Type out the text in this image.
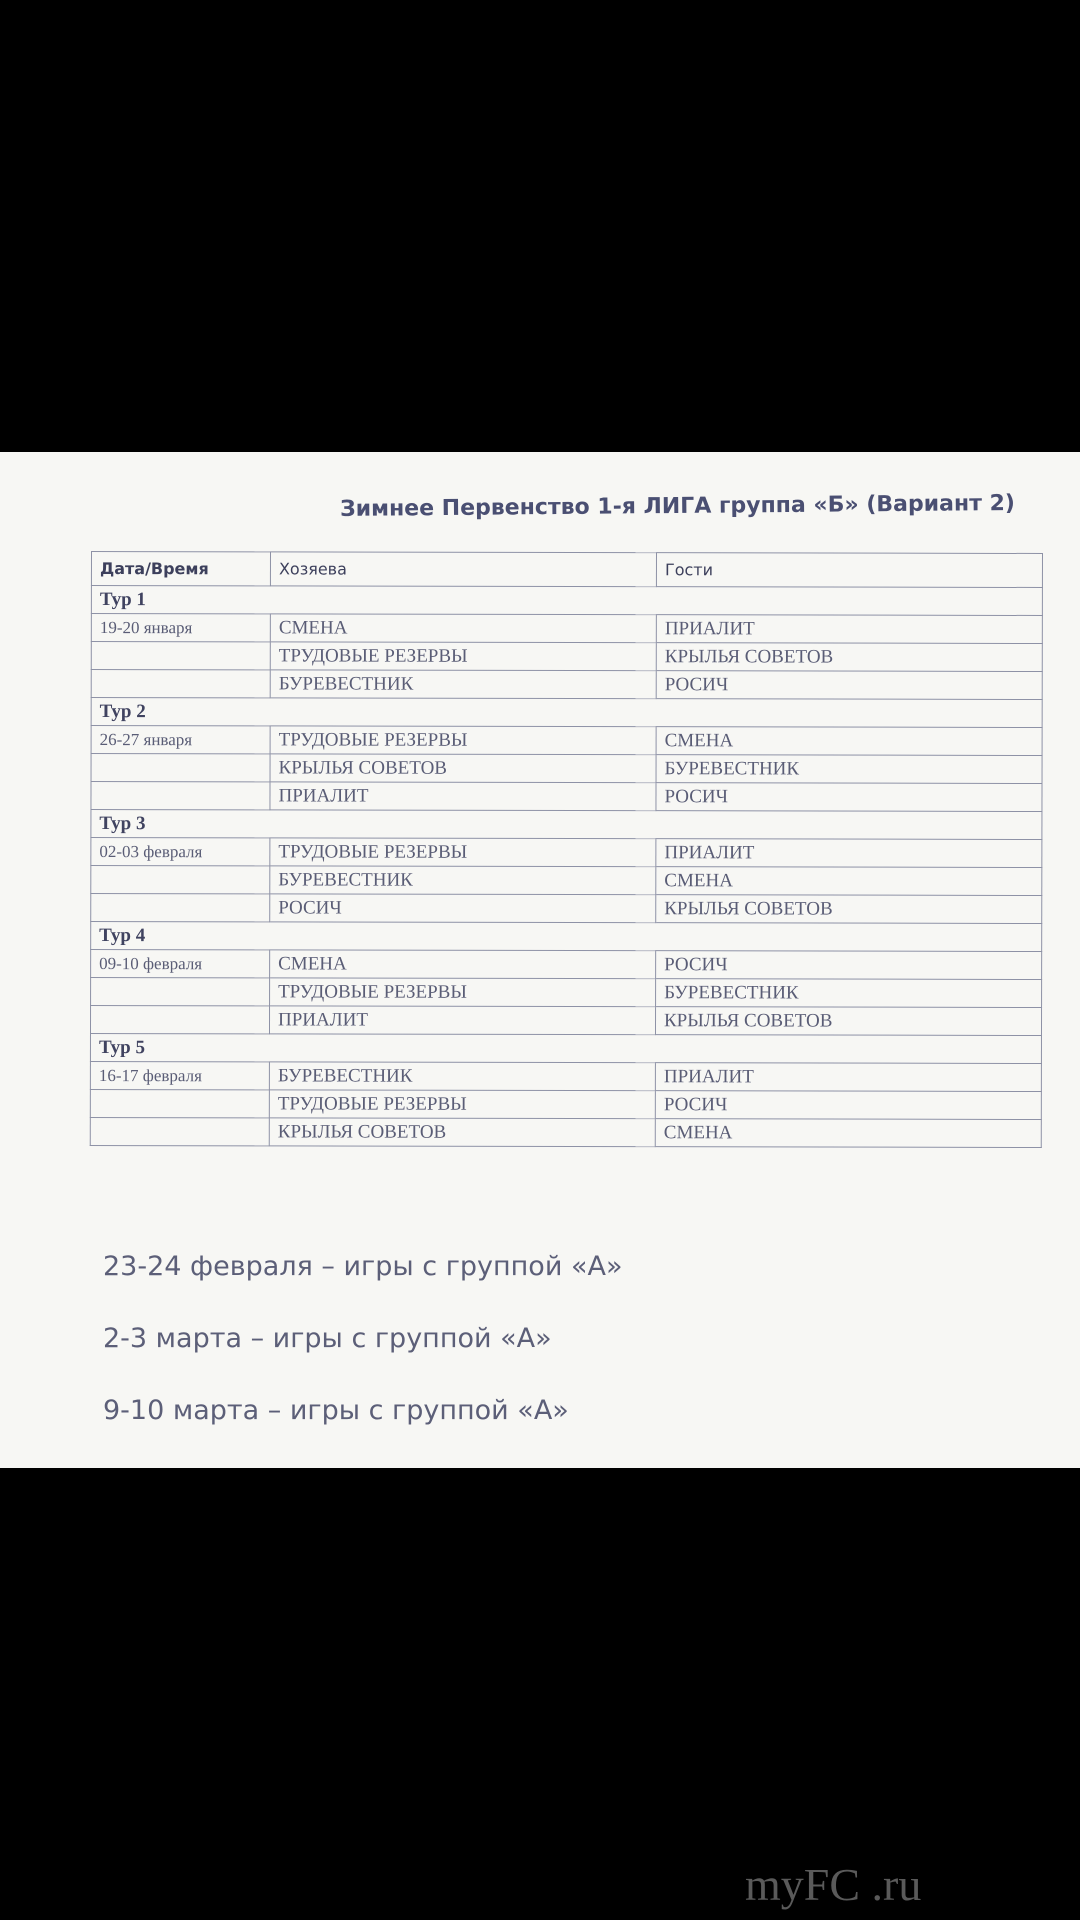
Зимнее Первенство 1-я ЛИГА группа «Б» (Вариант 2)
Дата/Время	Хозяева	Гости
Тур 1		
19-20 января	СМЕНА	ПРИАЛИТ
	ТРУДОВЫЕ РЕЗЕРВЫ	КРЫЛЬЯ СОВЕТОВ
	БУРЕВЕСТНИК	РОСИЧ
Тур 2		
26-27 января	ТРУДОВЫЕ РЕЗЕРВЫ	СМЕНА
	КРЫЛЬЯ СОВЕТОВ	БУРЕВЕСТНИК
	ПРИАЛИТ	РОСИЧ
Тур 3		
02-03 февраля	ТРУДОВЫЕ РЕЗЕРВЫ	ПРИАЛИТ
	БУРЕВЕСТНИК	СМЕНА
	РОСИЧ	КРЫЛЬЯ СОВЕТОВ
Тур 4		
09-10 февраля	СМЕНА	РОСИЧ
	ТРУДОВЫЕ РЕЗЕРВЫ	БУРЕВЕСТНИК
	ПРИАЛИТ	КРЫЛЬЯ СОВЕТОВ
Тур 5		
16-17 февраля	БУРЕВЕСТНИК	ПРИАЛИТ
	ТРУДОВЫЕ РЕЗЕРВЫ	РОСИЧ
	КРЫЛЬЯ СОВЕТОВ	СМЕНА
23-24 февраля – игры с группой «А»
2-3 марта – игры с группой «А»
9-10 марта – игры с группой «А»
myFC .ru
